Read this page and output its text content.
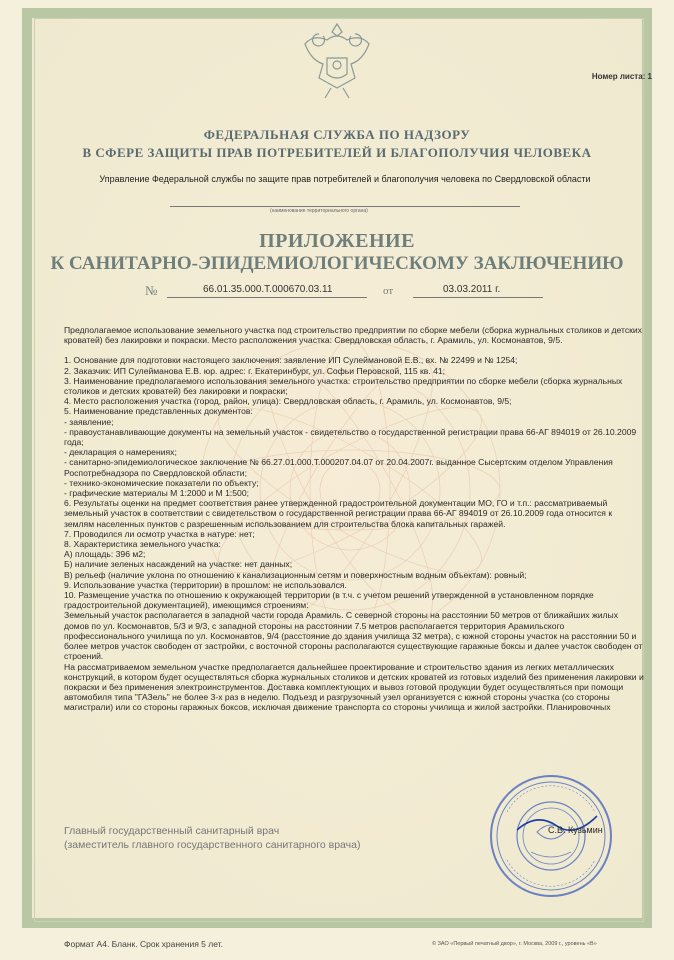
Номер листа: 1
ФЕДЕРАЛЬНАЯ СЛУЖБА ПО НАДЗОРУ
В СФЕРЕ ЗАЩИТЫ ПРАВ ПОТРЕБИТЕЛЕЙ И БЛАГОПОЛУЧИЯ ЧЕЛОВЕКА
Управление Федеральной службы по защите прав потребителей и благополучия человека по Свердловской области
(наименование территориального органа)
ПРИЛОЖЕНИЕ
К САНИТАРНО-ЭПИДЕМИОЛОГИЧЕСКОМУ ЗАКЛЮЧЕНИЮ
№	66.01.35.000.Т.000670.03.11	от	03.03.2011 г.

Предполагаемое использование земельного участка под строительство предприятии по сборке мебели (сборка журнальных столиков и детских кроватей) без лакировки и покраски. Место расположения участка: Свердловская область, г. Арамиль, ул. Космонавтов, 9/5.

1. Основание для подготовки настоящего заключения: заявление ИП Сулеймановой Е.В., вх. № 22499 и № 1254;

2. Заказчик: ИП Сулейманова Е.В. юр. адрес: г. Екатеринбург, ул. Софьи Перовской, 115 кв. 41;

3. Наименование предполагаемого использования земельного участка: строительство предприятии по сборке мебели (сборка журнальных столиков и детских кроватей) без лакировки и покраски;

4. Место расположения участка (город, район, улица): Свердловская область, г. Арамиль, ул. Космонавтов, 9/5;

5. Наименование представленных документов:

- заявление;

- правоустанавливающие документы на земельный участок - свидетельство о государственной регистрации права 66-АГ 894019 от 26.10.2009 года;

- декларация о намерениях;

- санитарно-эпидемиологическое заключение № 66.27.01.000.Т.000207.04.07 от 20.04.2007г. выданное Сысертским отделом Управления Роспотребнадзора по Свердловской области;

- технико-экономические показатели по объекту;

- графические материалы М 1:2000 и М 1:500;

6. Результаты оценки на предмет соответствия ранее утвержденной градостроительной документации МО, ГО и т.п.: рассматриваемый земельный участок в соответствии с свидетельством о государственной регистрации права 66-АГ 894019 от 26.10.2009 года относится к землям населенных пунктов с разрешенным использованием для строительства блока капитальных гаражей.

7. Проводился ли осмотр участка в натуре: нет;

8. Характеристика земельного участка:

А) площадь: 396 м2;

Б) наличие зеленых насаждений на участке: нет данных;

В) рельеф (наличие уклона по отношению к канализационным сетям и поверхностным водным объектам): ровный;

9. Использование участка (территории) в прошлом: не использовался.

10. Размещение участка по отношению к окружающей территории (в т.ч. с учетом решений утвержденной в установленном порядке градостроительной документацией), имеющимся строениям:

Земельный участок располагается в западной части города Арамиль. С северной стороны на расстоянии 50 метров от ближайших жилых домов по ул. Космонавтов, 5/3 и 9/3, с западной стороны на расстоянии 7.5 метров располагается территория Арамильского профессионального училища по ул. Космонавтов, 9/4 (расстояние до здания училища 32 метра), с южной стороны участок на расстоянии 50 и более метров участок свободен от застройки, с восточной стороны располагаются существующие гаражные боксы и далее участок свободен от строений.

На рассматриваемом земельном участке предполагается дальнейшее проектирование и строительство здания из легких металлических конструкций, в котором будет осуществляться сборка журнальных столиков и детских кроватей из готовых изделий без применения лакировки и покраски и без применения электроинструментов. Доставка комплектующих и вывоз готовой продукции будет осуществляться при помощи автомобиля типа "ГАЗель" не более 3-х раз в неделю. Подъезд и разгрузочный узел организуется с южной стороны участка (со стороны магистрали) или со стороны гаражных боксов, исключая движение транспорта со стороны училища и жилой застройки. Планировочных

Главный государственный санитарный врач
(заместитель главного государственного санитарного врача)
С.В. Кузьмин
Формат А4. Бланк. Срок хранения 5 лет.	© ЗАО «Первый печатный двор», г. Москва, 2009 г., уровень «В»
